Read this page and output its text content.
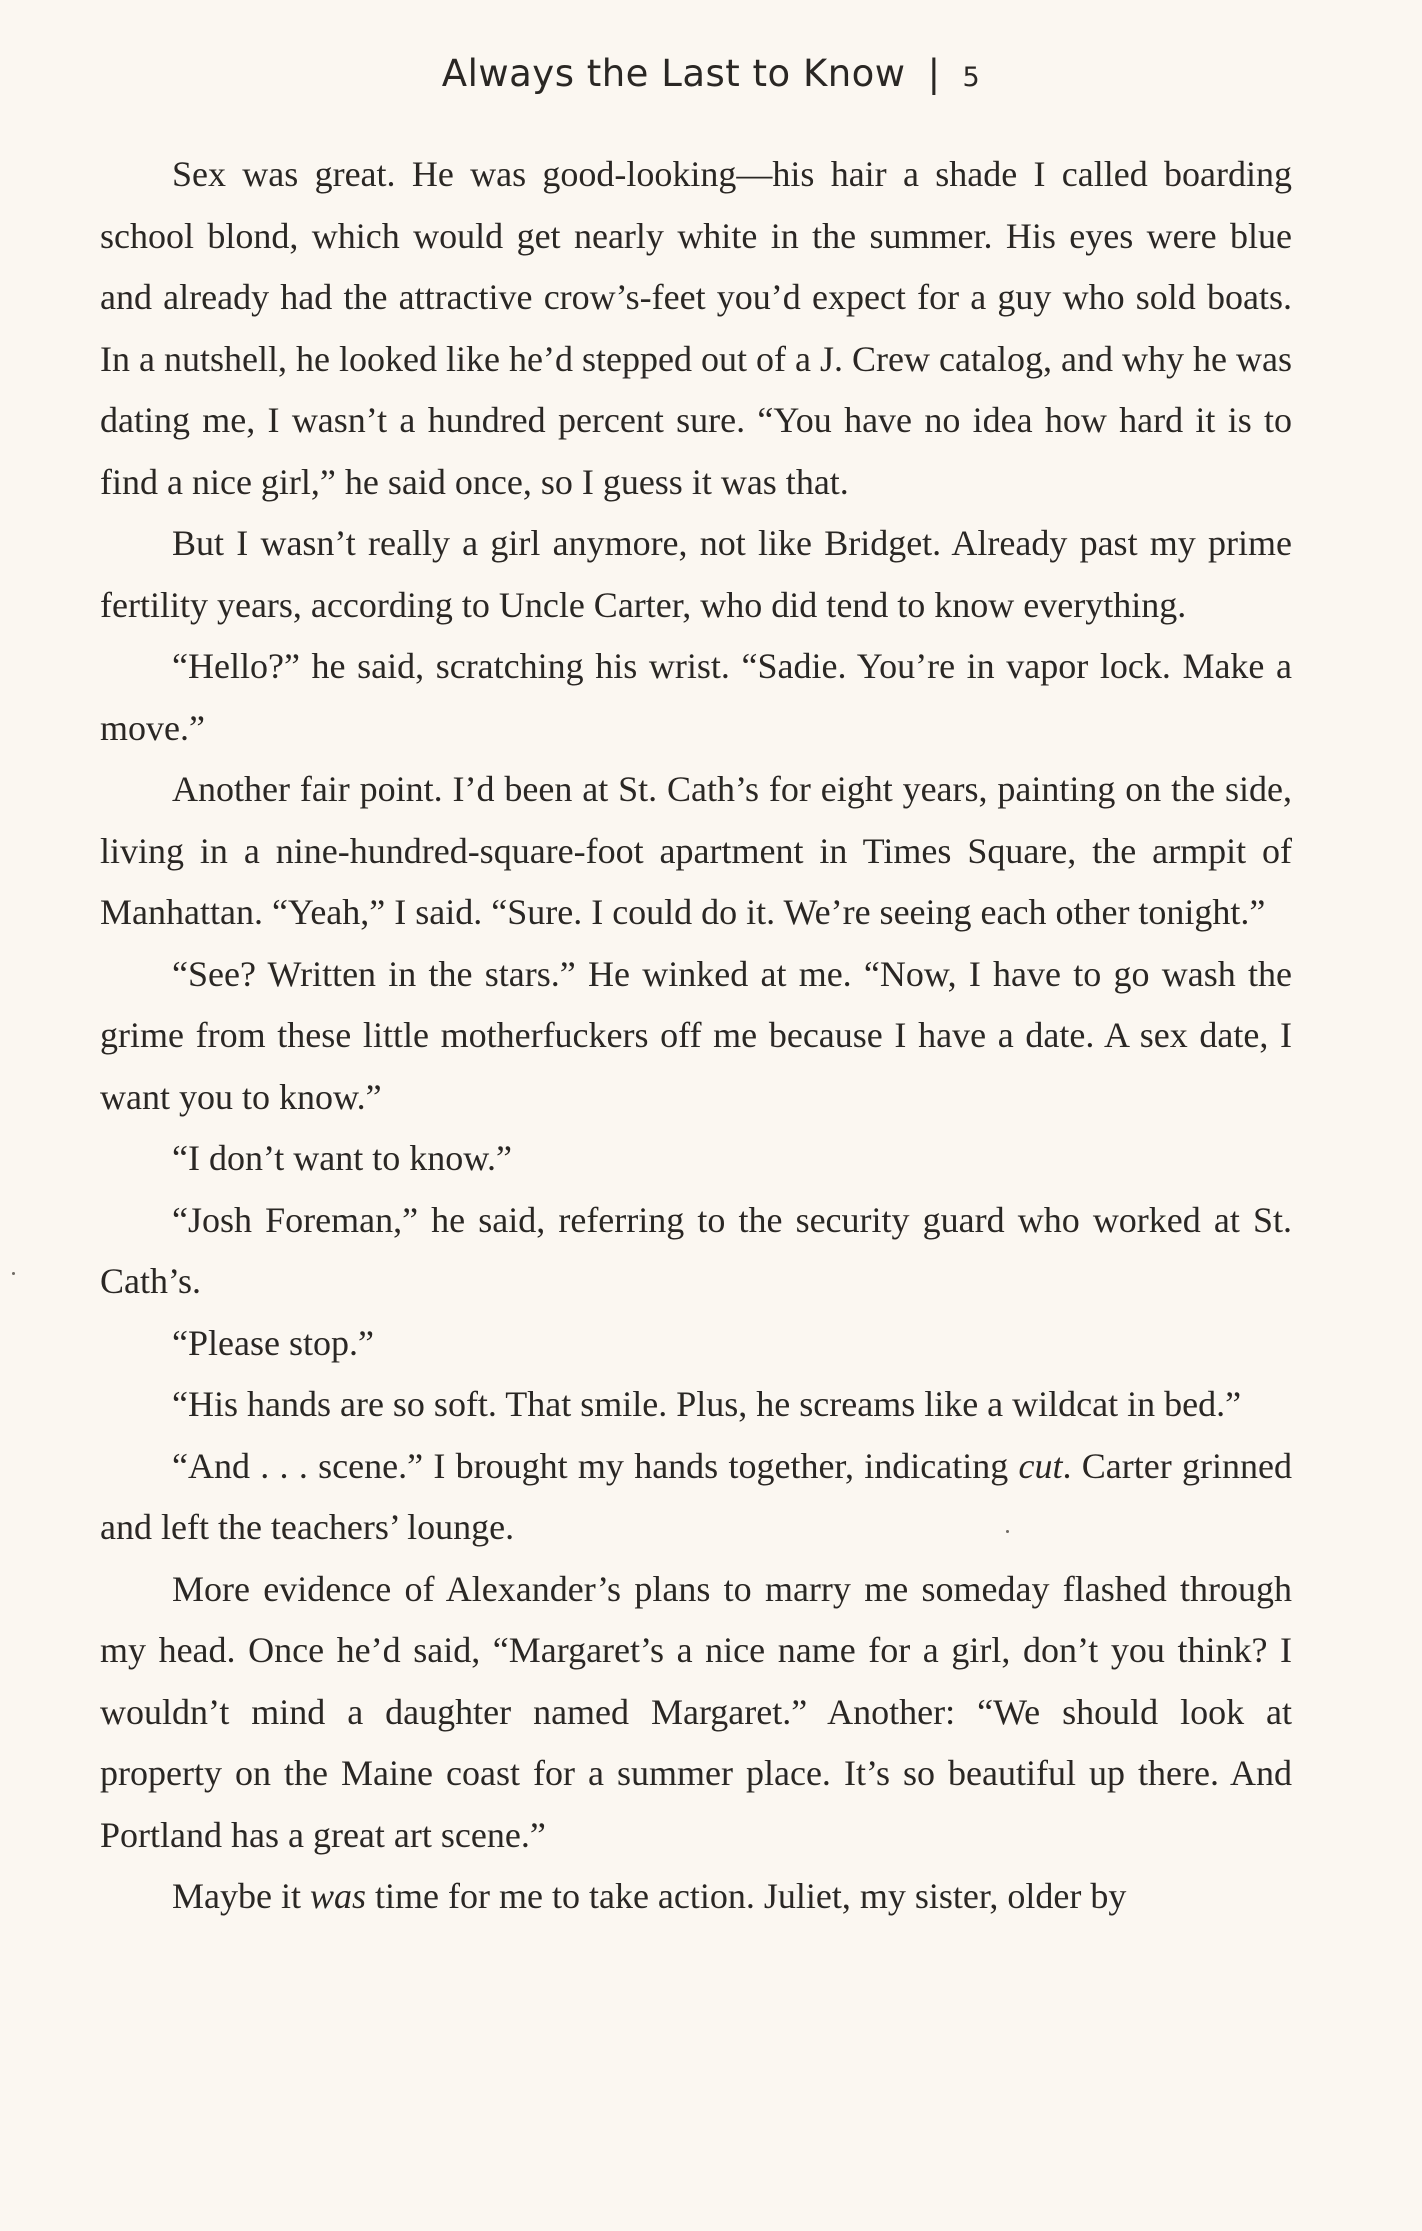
Always the Last to Know | 5

Sex was great. He was good-looking—his hair a shade I called boarding school blond, which would get nearly white in the summer. His eyes were blue and already had the attractive crow’s-feet you’d expect for a guy who sold boats. In a nutshell, he looked like he’d stepped out of a J. Crew catalog, and why he was dating me, I wasn’t a hundred percent sure. “You have no idea how hard it is to find a nice girl,” he said once, so I guess it was that.

But I wasn’t really a girl anymore, not like Bridget. Already past my prime fertility years, according to Uncle Carter, who did tend to know everything.

“Hello?” he said, scratching his wrist. “Sadie. You’re in vapor lock. Make a move.”

Another fair point. I’d been at St. Cath’s for eight years, painting on the side, living in a nine-hundred-square-foot apartment in Times Square, the armpit of Manhattan. “Yeah,” I said. “Sure. I could do it. We’re seeing each other tonight.”

“See? Written in the stars.” He winked at me. “Now, I have to go wash the grime from these little motherfuckers off me because I have a date. A sex date, I want you to know.”

“I don’t want to know.”

“Josh Foreman,” he said, referring to the security guard who worked at St. Cath’s.

“Please stop.”

“His hands are so soft. That smile. Plus, he screams like a wildcat in bed.”

“And . . . scene.” I brought my hands together, indicating cut. Carter grinned and left the teachers’ lounge.

More evidence of Alexander’s plans to marry me someday flashed through my head. Once he’d said, “Margaret’s a nice name for a girl, don’t you think? I wouldn’t mind a daughter named Margaret.” Another: “We should look at property on the Maine coast for a summer place. It’s so beautiful up there. And Portland has a great art scene.”

Maybe it was time for me to take action. Juliet, my sister, older by
